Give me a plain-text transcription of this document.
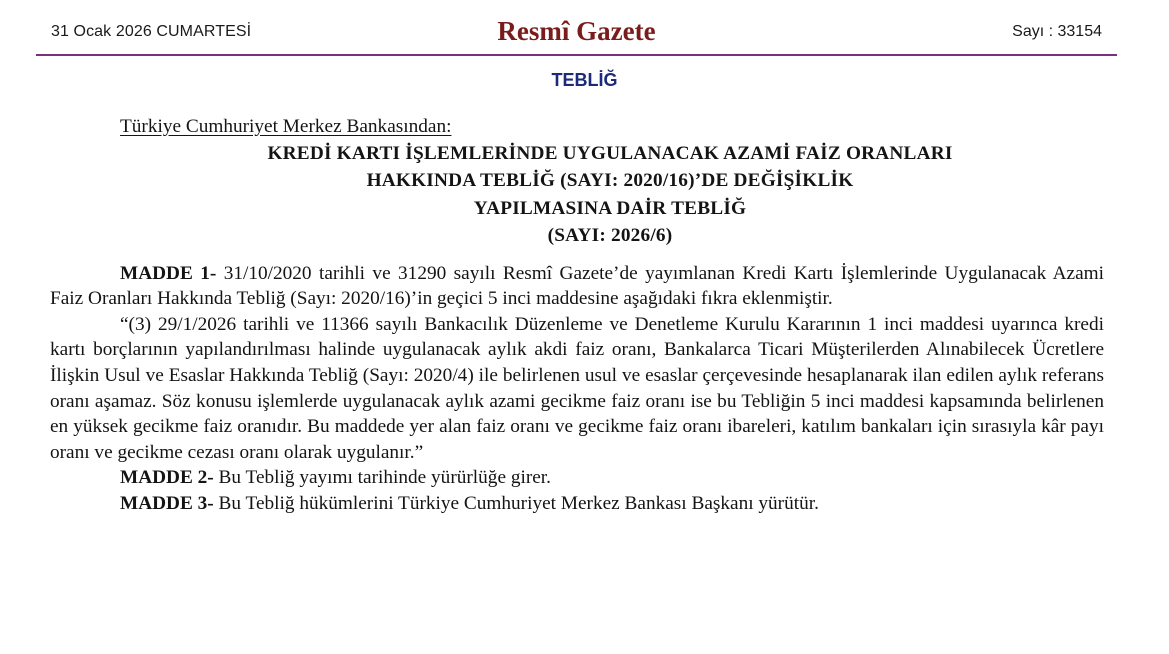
31 Ocak 2026 CUMARTESİ	Resmî Gazete	Sayı : 33154
TEBLİĞ
Türkiye Cumhuriyet Merkez Bankasından:
KREDİ KARTI İŞLEMLERİNDE UYGULANACAK AZAMİ FAİZ ORANLARI
HAKKINDA TEBLİĞ (SAYI: 2020/16)’DE DEĞİŞİKLİK
YAPILMASINA DAİR TEBLİĞ
(SAYI: 2026/6)

MADDE 1- 31/10/2020 tarihli ve 31290 sayılı Resmî Gazete’de yayımlanan Kredi Kartı İşlemlerinde Uygulanacak Azami Faiz Oranları Hakkında Tebliğ (Sayı: 2020/16)’in geçici 5 inci maddesine aşağıdaki fıkra eklenmiştir.

“(3) 29/1/2026 tarihli ve 11366 sayılı Bankacılık Düzenleme ve Denetleme Kurulu Kararının 1 inci maddesi uyarınca kredi kartı borçlarının yapılandırılması halinde uygulanacak aylık akdi faiz oranı, Bankalarca Ticari Müşterilerden Alınabilecek Ücretlere İlişkin Usul ve Esaslar Hakkında Tebliğ (Sayı: 2020/4) ile belirlenen usul ve esaslar çerçevesinde hesaplanarak ilan edilen aylık referans oranı aşamaz. Söz konusu işlemlerde uygulanacak aylık azami gecikme faiz oranı ise bu Tebliğin 5 inci maddesi kapsamında belirlenen en yüksek gecikme faiz oranıdır. Bu maddede yer alan faiz oranı ve gecikme faiz oranı ibareleri, katılım bankaları için sırasıyla kâr payı oranı ve gecikme cezası oranı olarak uygulanır.”

MADDE 2- Bu Tebliğ yayımı tarihinde yürürlüğe girer.

MADDE 3- Bu Tebliğ hükümlerini Türkiye Cumhuriyet Merkez Bankası Başkanı yürütür.
